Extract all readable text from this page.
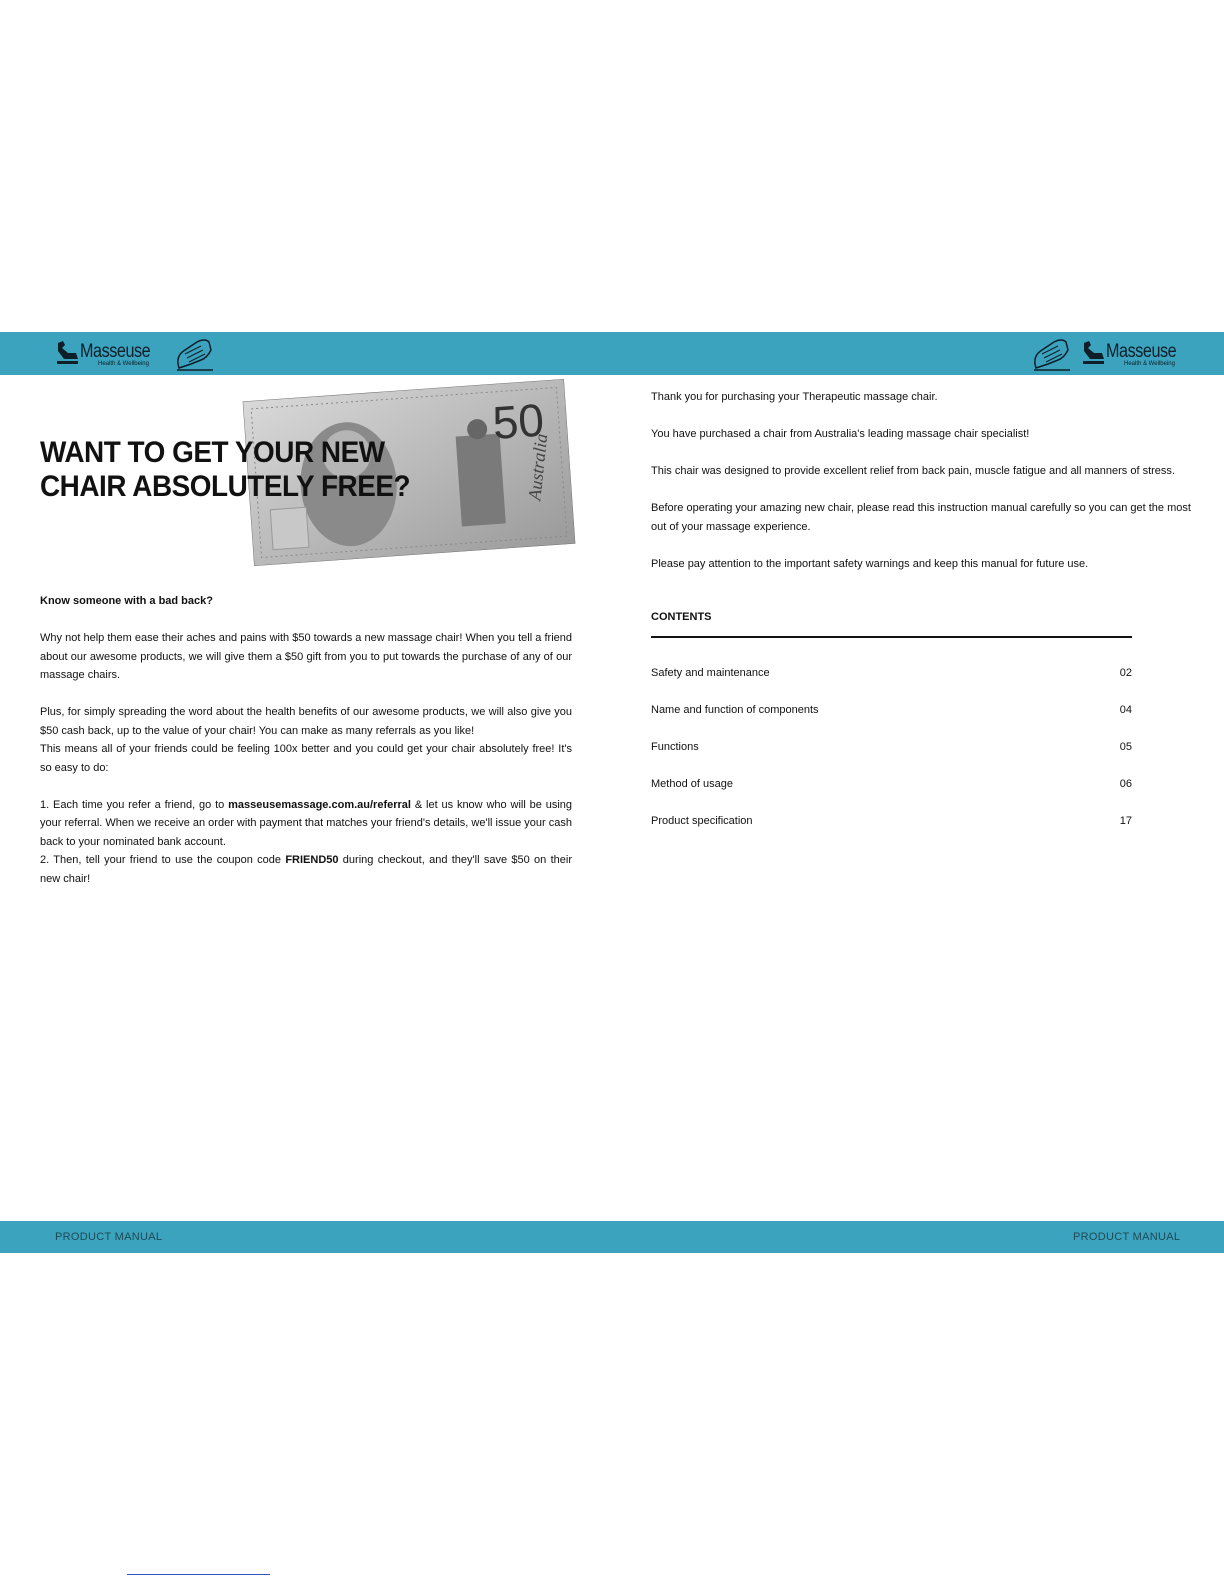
Masseuse
Health & Wellbeing
Masseuse
Health & Wellbeing
50
Australia
WANT TO GET YOUR NEW
CHAIR ABSOLUTELY FREE?

Know someone with a bad back?

Why not help them ease their aches and pains with $50 towards a new massage chair! When you tell a friend about our awesome products, we will give them a $50 gift from you to put towards the purchase of any of our massage chairs.

Plus, for simply spreading the word about the health benefits of our awesome products, we will also give you $50 cash back, up to the value of your chair! You can make as many referrals as you like!

This means all of your friends could be feeling 100x better and you could get your chair absolutely free! It's so easy to do:

1. Each time you refer a friend, go to masseusemassage.com.au/referral & let us know who will be using your referral. When we receive an order with payment that matches your friend's details, we'll issue your cash back to your nominated bank account.

2. Then, tell your friend to use the coupon code FRIEND50 during checkout, and they'll save $50 on their new chair!

Thank you for purchasing your Therapeutic massage chair.

You have purchased a chair from Australia's leading massage chair specialist!

This chair was designed to provide excellent relief from back pain, muscle fatigue and all manners of stress.

Before operating your amazing new chair, please read this instruction manual carefully so you can get the most out of your massage experience.

Please pay attention to the important safety warnings and keep this manual for future use.

CONTENTS
Safety and maintenance	02
Name and function of components	04
Functions	05
Method of usage	06
Product specification	17
PRODUCT MANUAL	PRODUCT MANUAL
